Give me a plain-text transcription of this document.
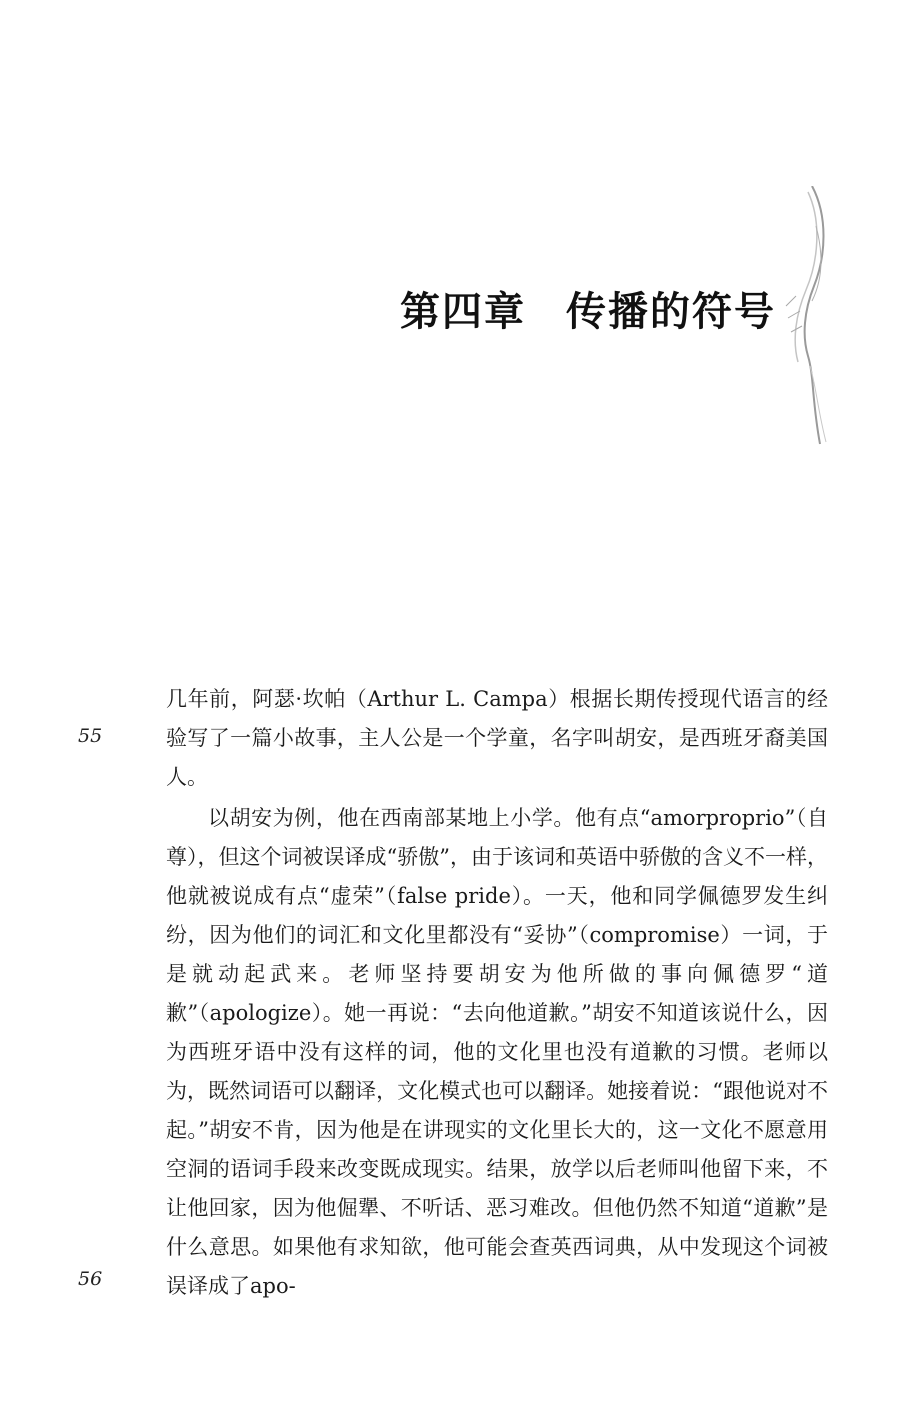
第四章 传播的符号
55
56

几年前，阿瑟·坎帕（Arthur L. Campa）根据长期传授现代语言的经验写了一篇小故事，主人公是一个学童，名字叫胡安，是西班牙裔美国人。

以胡安为例，他在西南部某地上小学。他有点“amorproprio”（自尊），但这个词被误译成“骄傲”，由于该词和英语中骄傲的含义不一样，他就被说成有点“虚荣”（false pride）。一天，他和同学佩德罗发生纠纷，因为他们的词汇和文化里都没有“妥协”（compromise）一词，于是就动起武来。老师坚持要胡安为他所做的事向佩德罗“道歉”（apologize）。她一再说：“去向他道歉。”胡安不知道该说什么，因为西班牙语中没有这样的词，他的文化里也没有道歉的习惯。老师以为，既然词语可以翻译，文化模式也可以翻译。她接着说：“跟他说对不起。”胡安不肯，因为他是在讲现实的文化里长大的，这一文化不愿意用空洞的语词手段来改变既成现实。结果，放学以后老师叫他留下来，不让他回家，因为他倔犟、不听话、恶习难改。但他仍然不知道“道歉”是什么意思。如果他有求知欲，他可能会查英西词典，从中发现这个词被误译成了apo-
